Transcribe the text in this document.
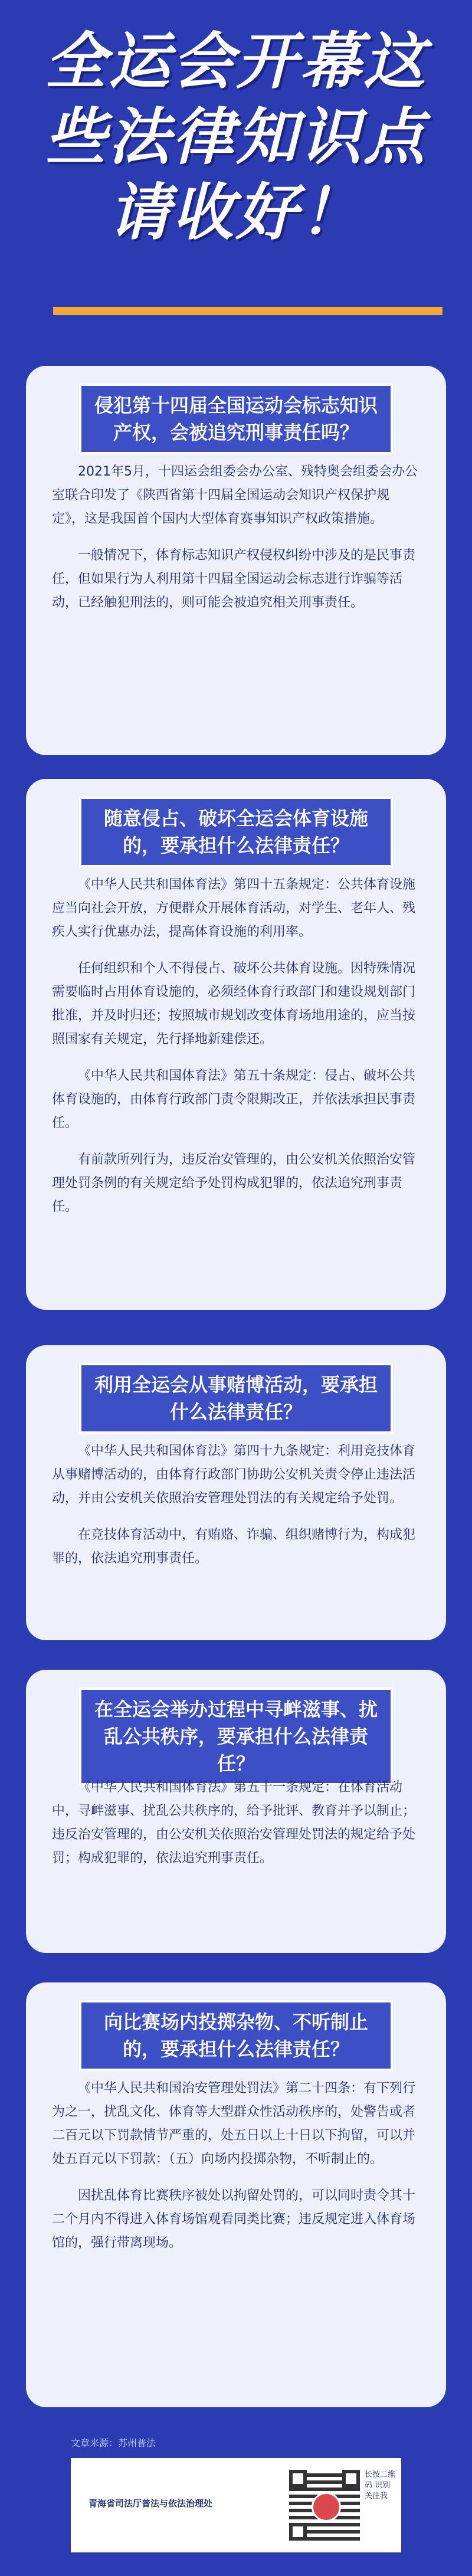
全运会开幕这
些法律知识点
请收好！
侵犯第十四届全国运动会标志知识产权，会被追究刑事责任吗？

2021年5月，十四运会组委会办公室、残特奥会组委会办公室联合印发了《陕西省第十四届全国运动会知识产权保护规定》，这是我国首个国内大型体育赛事知识产权政策措施。

一般情况下，体育标志知识产权侵权纠纷中涉及的是民事责任，但如果行为人利用第十四届全国运动会标志进行诈骗等活动，已经触犯刑法的，则可能会被追究相关刑事责任。

随意侵占、破坏全运会体育设施的，要承担什么法律责任？

《中华人民共和国体育法》第四十五条规定：公共体育设施应当向社会开放，方便群众开展体育活动，对学生、老年人、残疾人实行优惠办法，提高体育设施的利用率。

任何组织和个人不得侵占、破坏公共体育设施。因特殊情况需要临时占用体育设施的，必须经体育行政部门和建设规划部门批准，并及时归还；按照城市规划改变体育场地用途的，应当按照国家有关规定，先行择地新建偿还。

《中华人民共和国体育法》第五十条规定：侵占、破坏公共体育设施的，由体育行政部门责令限期改正，并依法承担民事责任。

有前款所列行为，违反治安管理的，由公安机关依照治安管理处罚条例的有关规定给予处罚构成犯罪的，依法追究刑事责任。

利用全运会从事赌博活动，要承担什么法律责任？

《中华人民共和国体育法》第四十九条规定：利用竞技体育从事赌博活动的，由体育行政部门协助公安机关责令停止违法活动，并由公安机关依照治安管理处罚法的有关规定给予处罚。

在竞技体育活动中，有贿赂、诈骗、组织赌博行为，构成犯罪的，依法追究刑事责任。

在全运会举办过程中寻衅滋事、扰乱公共秩序，要承担什么法律责任？

《中华人民共和国体育法》第五十一条规定：在体育活动中，寻衅滋事、扰乱公共秩序的，给予批评、教育并予以制止；违反治安管理的，由公安机关依照治安管理处罚法的规定给予处罚；构成犯罪的，依法追究刑事责任。

向比赛场内投掷杂物、不听制止的，要承担什么法律责任？

《中华人民共和国治安管理处罚法》第二十四条：有下列行为之一，扰乱文化、体育等大型群众性活动秩序的，处警告或者二百元以下罚款情节严重的，处五日以上十日以下拘留，可以并处五百元以下罚款：（五）向场内投掷杂物，不听制止的。

因扰乱体育比赛秩序被处以拘留处罚的，可以同时责令其十二个月内不得进入体育场馆观看同类比赛；违反规定进入体育场馆的，强行带离现场。

文章来源：苏州普法
青海省司法厅普法与依法治理处
长按二维码 识别关注我
